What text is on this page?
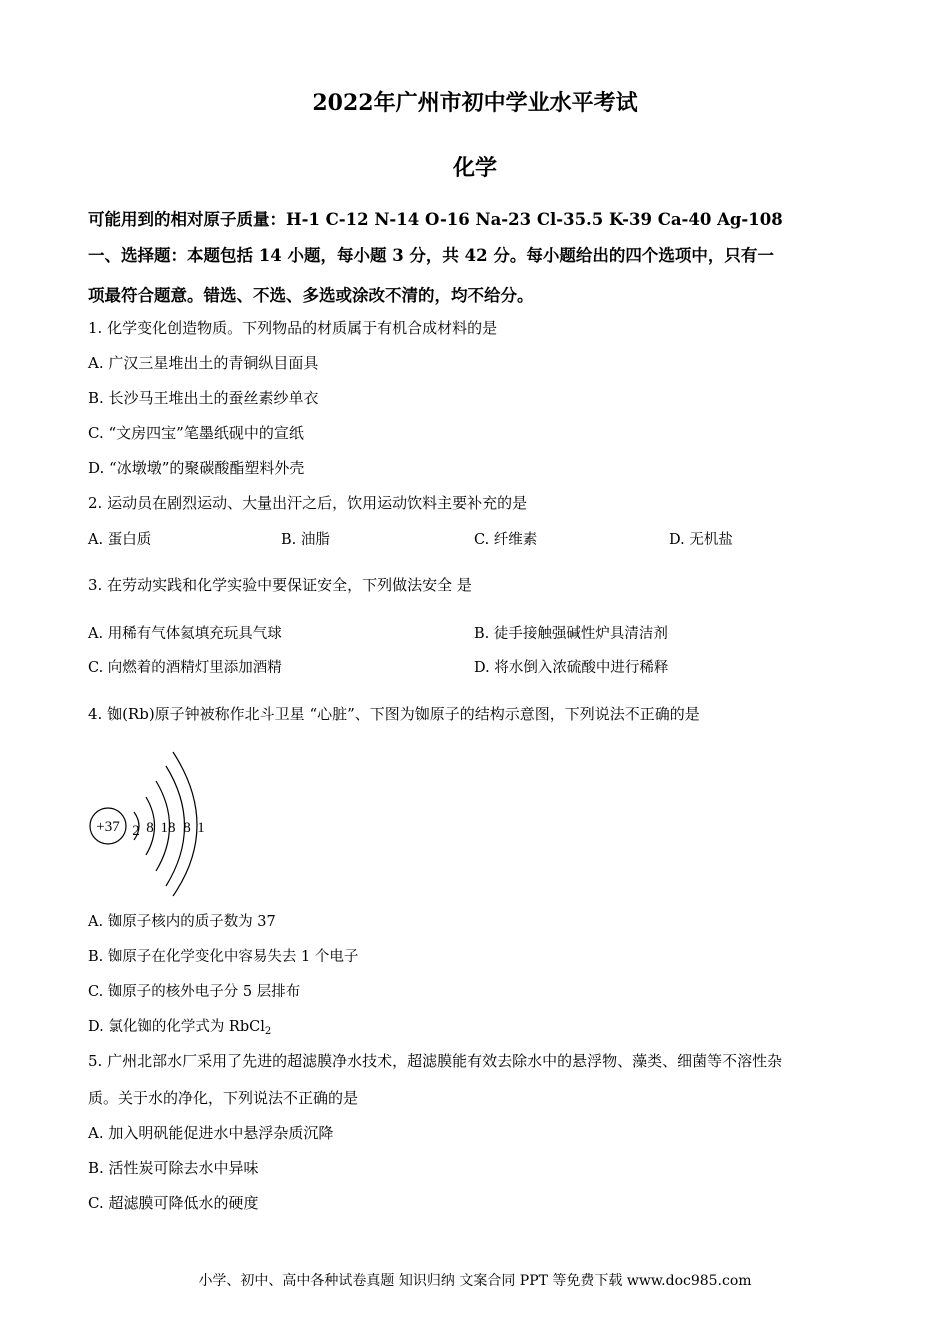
2022年广州市初中学业水平考试
化学
可能用到的相对原子质量：H-1 C-12 N-14 O-16 Na-23 Cl-35.5 K-39 Ca-40 Ag-108
一、选择题：本题包括 14 小题，每小题 3 分，共 42 分。每小题给出的四个选项中，只有一
项最符合题意。错选、不选、多选或涂改不清的，均不给分。
1. 化学变化创造物质。下列物品的材质属于有机合成材料的是
A. 广汉三星堆出土的青铜纵目面具
B. 长沙马王堆出土的蚕丝素纱单衣
C. “文房四宝”笔墨纸砚中的宣纸
D. “冰墩墩”的聚碳酸酯塑料外壳
2. 运动员在剧烈运动、大量出汗之后，饮用运动饮料主要补充的是
A. 蛋白质	B. 油脂	C. 纤维素	D. 无机盐
3. 在劳动实践和化学实验中要保证安全，下列做法安全 是
A. 用稀有气体氦填充玩具气球	B. 徒手接触强碱性炉具清洁剂
C. 向燃着的酒精灯里添加酒精	D. 将水倒入浓硫酸中进行稀释
4. 铷(Rb)原子钟被称作北斗卫星 “心脏”、下图为铷原子的结构示意图，下列说法不正确的是
+37 2 8 18 8 1
A. 铷原子核内的质子数为 37
B. 铷原子在化学变化中容易失去 1 个电子
C. 铷原子的核外电子分 5 层排布
D. 氯化铷的化学式为 RbCl$_2$
5. 广州北部水厂采用了先进的超滤膜净水技术，超滤膜能有效去除水中的悬浮物、藻类、细菌等不溶性杂
质。关于水的净化，下列说法不正确的是
A. 加入明矾能促进水中悬浮杂质沉降
B. 活性炭可除去水中异味
C. 超滤膜可降低水的硬度
小学、初中、高中各种试卷真题 知识归纳 文案合同 PPT 等免费下载 www.doc985.com
